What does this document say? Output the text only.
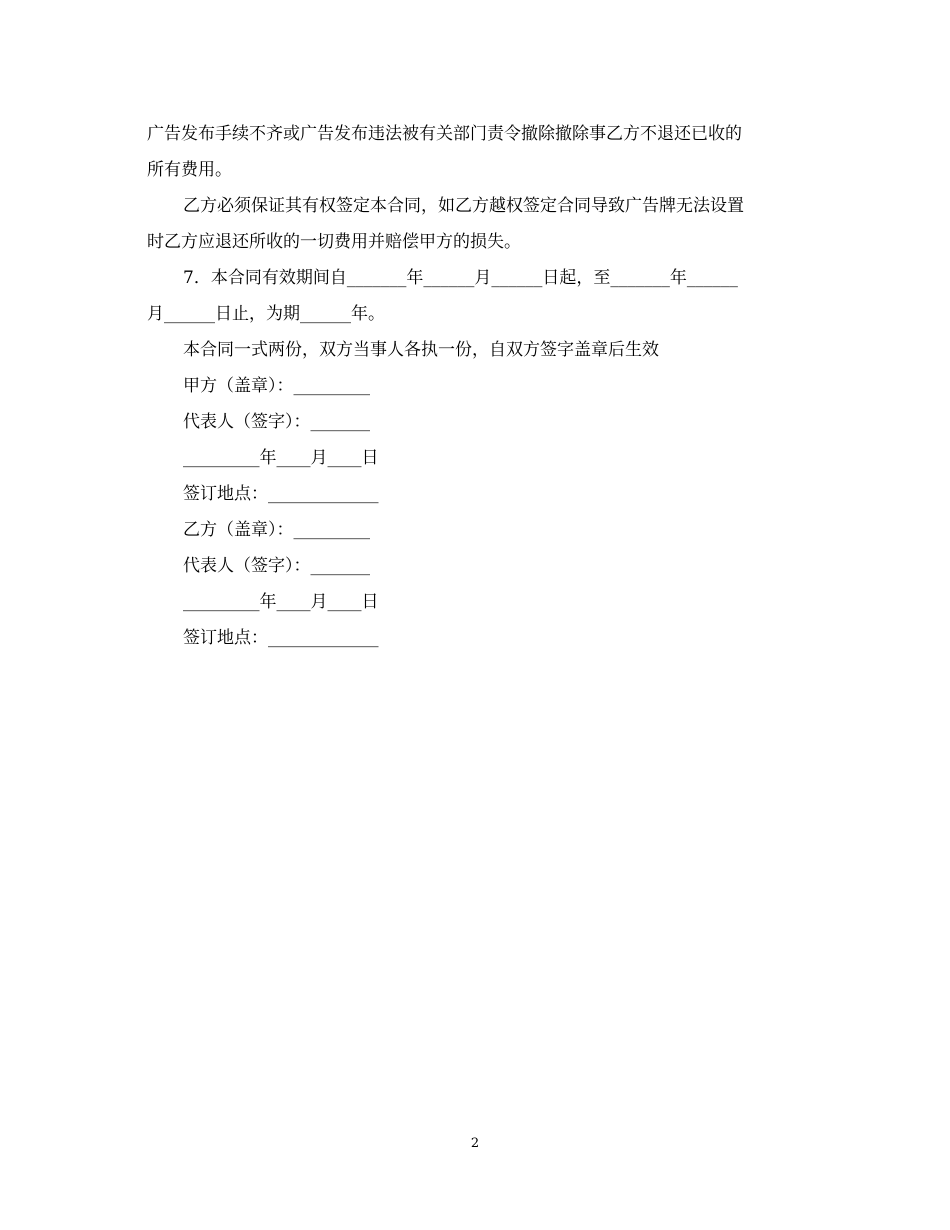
广告发布手续不齐或广告发布违法被有关部门责令撤除撤除事乙方不退还已收的

所有费用。

乙方必须保证其有权签定本合同，如乙方越权签定合同导致广告牌无法设置

时乙方应退还所收的一切费用并赔偿甲方的损失。

7．本合同有效期间自_______年______月______日起，至_______年______

月______日止，为期______年。

本合同一式两份，双方当事人各执一份，自双方签字盖章后生效

甲方（盖章）：_________

代表人（签字）：_______

_________年____月____日

签订地点：_____________

乙方（盖章）：_________

代表人（签字）：_______

_________年____月____日

签订地点：_____________

2
